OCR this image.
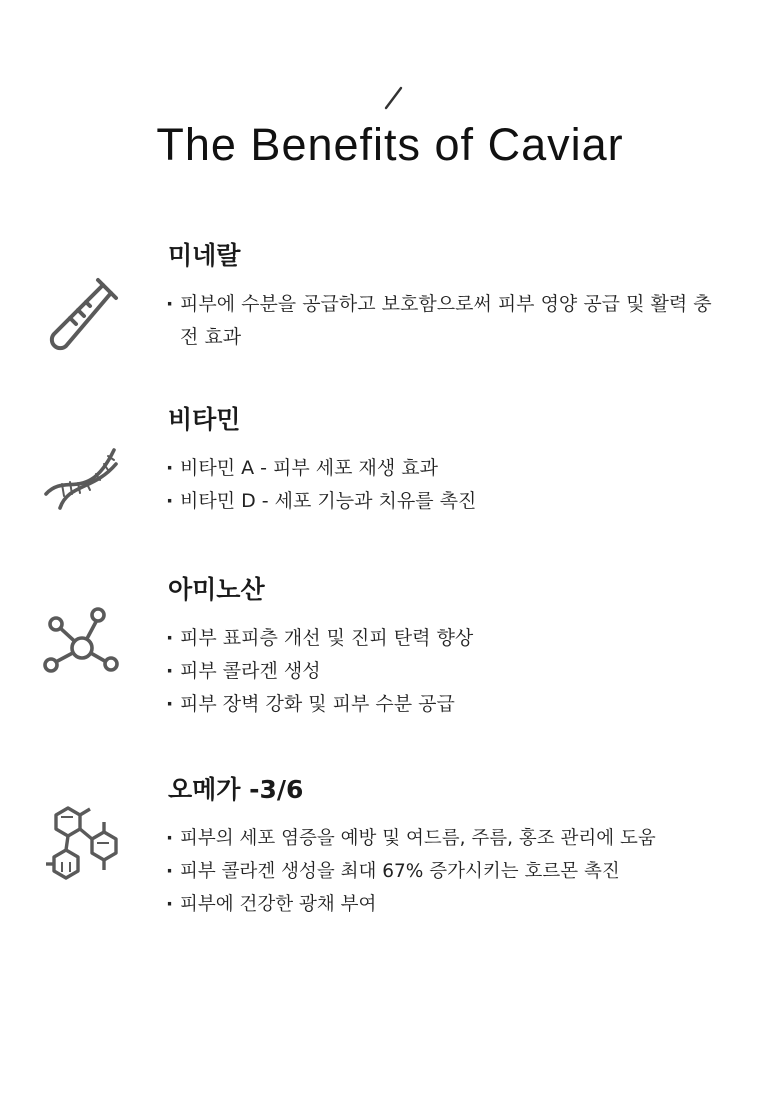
The Benefits of Caviar
미네랄
· 피부에 수분을 공급하고 보호함으로써 피부 영양 공급 및 활력 충전 효과
비타민
· 비타민 A - 피부 세포 재생 효과
· 비타민 D - 세포 기능과 치유를 촉진
아미노산
· 피부 표피층 개선 및 진피 탄력 향상
· 피부 콜라겐 생성
· 피부 장벽 강화 및 피부 수분 공급
오메가 -3/6
· 피부의 세포 염증을 예방 및 여드름, 주름, 홍조 관리에 도움
· 피부 콜라겐 생성을 최대 67% 증가시키는 호르몬 촉진
· 피부에 건강한 광채 부여
